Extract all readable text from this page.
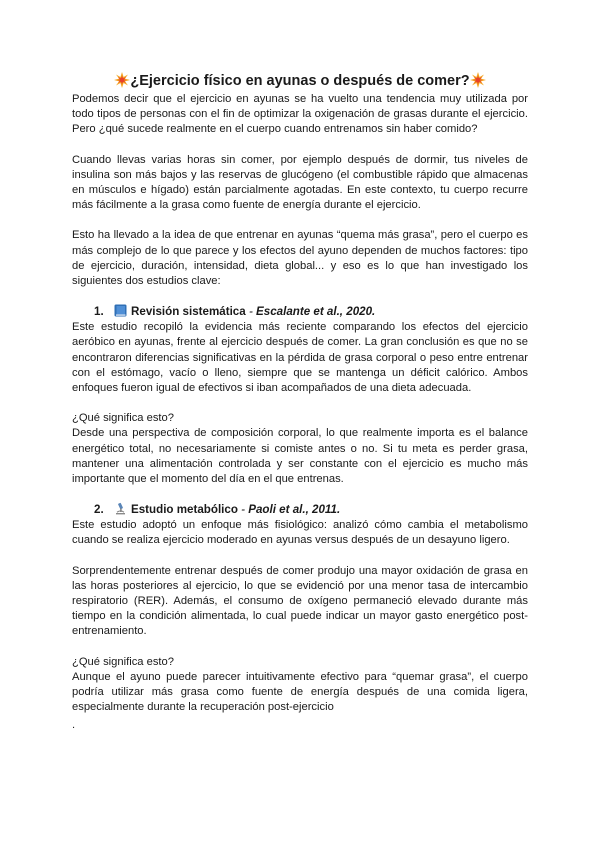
¿Ejercicio físico en ayunas o después de comer?

Podemos decir que el ejercicio en ayunas se ha vuelto una tendencia muy utilizada por todo tipos de personas con el fin de optimizar la oxigenación de grasas durante el ejercicio. Pero ¿qué sucede realmente en el cuerpo cuando entrenamos sin haber comido?

Cuando llevas varias horas sin comer, por ejemplo después de dormir, tus niveles de insulina son más bajos y las reservas de glucógeno (el combustible rápido que almacenas en músculos e hígado) están parcialmente agotadas. En este contexto, tu cuerpo recurre más fácilmente a la grasa como fuente de energía durante el ejercicio.

Esto ha llevado a la idea de que entrenar en ayunas “quema más grasa”, pero el cuerpo es más complejo de lo que parece y los efectos del ayuno dependen de muchos factores: tipo de ejercicio, duración, intensidad, dieta global... y eso es lo que han investigado los siguientes dos estudios clave:

1. Revisión sistemática - Escalante et al., 2020.

Este estudio recopiló la evidencia más reciente comparando los efectos del ejercicio aeróbico en ayunas, frente al ejercicio después de comer. La gran conclusión es que no se encontraron diferencias significativas en la pérdida de grasa corporal o peso entre entrenar con el estómago, vacío o lleno, siempre que se mantenga un déficit calórico. Ambos enfoques fueron igual de efectivos si iban acompañados de una dieta adecuada.

¿Qué significa esto?

Desde una perspectiva de composición corporal, lo que realmente importa es el balance energético total, no necesariamente si comiste antes o no. Si tu meta es perder grasa, mantener una alimentación controlada y ser constante con el ejercicio es mucho más importante que el momento del día en el que entrenas.

2. Estudio metabólico - Paoli et al., 2011.

Este estudio adoptó un enfoque más fisiológico: analizó cómo cambia el metabolismo cuando se realiza ejercicio moderado en ayunas versus después de un desayuno ligero.

Sorprendentemente entrenar después de comer produjo una mayor oxidación de grasa en las horas posteriores al ejercicio, lo que se evidenció por una menor tasa de intercambio respiratorio (RER). Además, el consumo de oxígeno permaneció elevado durante más tiempo en la condición alimentada, lo cual puede indicar un mayor gasto energético post-entrenamiento.

¿Qué significa esto?

Aunque el ayuno puede parecer intuitivamente efectivo para “quemar grasa”, el cuerpo podría utilizar más grasa como fuente de energía después de una comida ligera, especialmente durante la recuperación post-ejercicio

.
